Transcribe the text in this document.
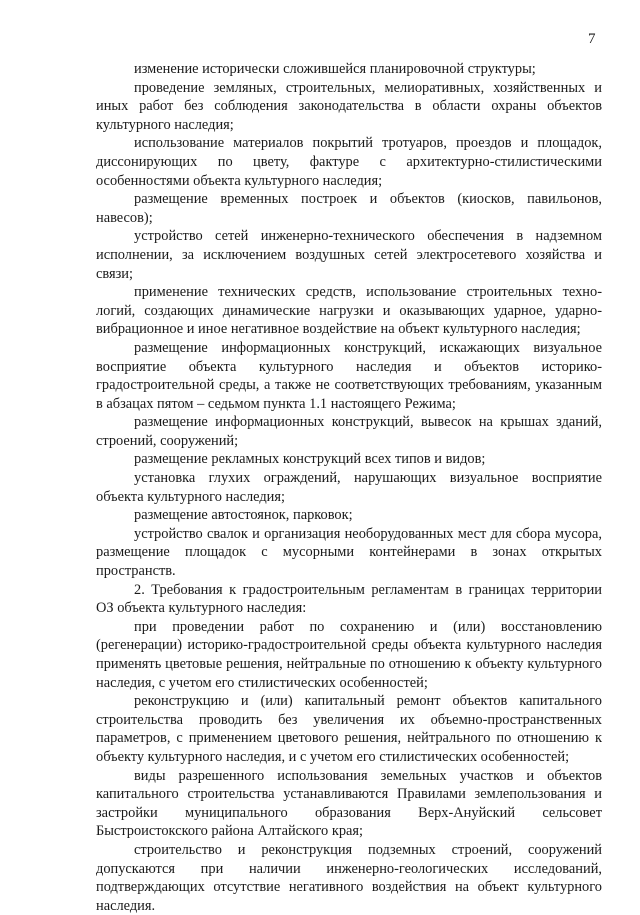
7

изменение исторически сложившейся планировочной структуры;

проведение земляных, строительных, мелиоративных, хозяйственных и иных работ без соблюдения законодательства в области охраны объектов культурного наследия;

использование материалов покрытий тротуаров, проездов и площадок, диссонирующих по цвету, фактуре с архитектурно-стилистическими особенностями объекта культурного наследия;

размещение временных построек и объектов (киосков, павильонов, навесов);

устройство сетей инженерно-технического обеспечения в надземном исполнении, за исключением воздушных сетей электросетевого хозяйства и связи;

применение технических средств, использование строительных технологий, создающих динамические нагрузки и оказывающих ударное, ударно-вибрационное и иное негативное воздействие на объект культурного наследия;

размещение информационных конструкций, искажающих визуальное восприятие объекта культурного наследия и объектов историко-градостроительной среды, а также не соответствующих требованиям, указанным в абзацах пятом – седьмом пункта 1.1 настоящего Режима;

размещение информационных конструкций, вывесок на крышах зданий, строений, сооружений;

размещение рекламных конструкций всех типов и видов;

установка глухих ограждений, нарушающих визуальное восприятие объекта культурного наследия;

размещение автостоянок, парковок;

устройство свалок и организация необорудованных мест для сбора мусора, размещение площадок с мусорными контейнерами в зонах открытых пространств.

2. Требования к градостроительным регламентам в границах территории ОЗ объекта культурного наследия:

при проведении работ по сохранению и (или) восстановлению (регенерации) историко-градостроительной среды объекта культурного наследия применять цветовые решения, нейтральные по отношению к объекту культурного наследия, с учетом его стилистических особенностей;

реконструкцию и (или) капитальный ремонт объектов капитального строительства проводить без увеличения их объемно-пространственных параметров, с применением цветового решения, нейтрального по отношению к объекту культурного наследия, и с учетом его стилистических особенностей;

виды разрешенного использования земельных участков и объектов капитального строительства устанавливаются Правилами землепользования и застройки муниципального образования Верх-Ануйский сельсовет Быстроистокского района Алтайского края;

строительство и реконструкция подземных строений, сооружений допускаются при наличии инженерно-геологических исследований, подтверждающих отсутствие негативного воздействия на объект культурного наследия.
